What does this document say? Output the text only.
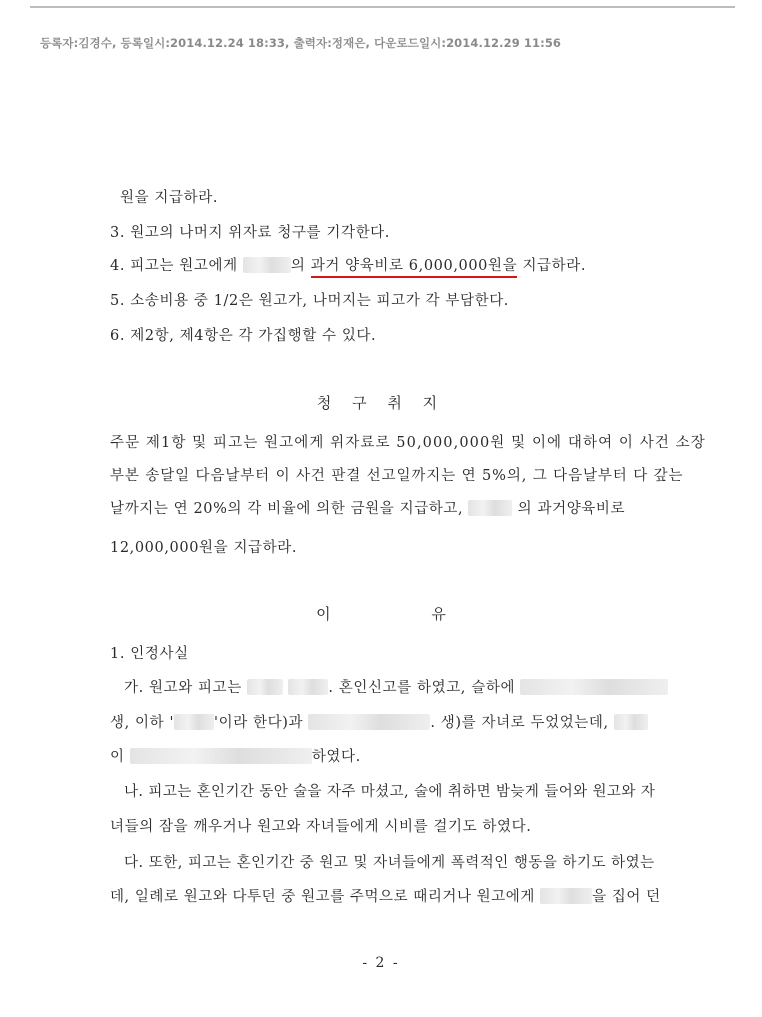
등록자:김경수, 등록일시:2014.12.24 18:33, 출력자:정재은, 다운로드일시:2014.12.29 11:56
원을 지급하라.
3. 원고의 나머지 위자료 청구를 기각한다.
4. 피고는 원고에게	의 과거 양육비로 6,000,000원을 지급하라.
5. 소송비용 중 1/2은 원고가, 나머지는 피고가 각 부담한다.
6. 제2항, 제4항은 각 가집행할 수 있다.
청 구 취 지
주문 제1항 및 피고는 원고에게 위자료로 50,000,000원 및 이에 대하여 이 사건 소장
부본 송달일 다음날부터 이 사건 판결 선고일까지는 연 5%의, 그 다음날부터 다 갚는
날까지는 연 20%의 각 비율에 의한 금원을 지급하고,	의 과거양육비로
12,000,000원을 지급하라.
이 유
1. 인정사실
가. 원고와 피고는	. 혼인신고를 하였고, 슬하에
생, 이하 '	'이라 한다)과	. 생)를 자녀로 두었었는데,
이	하였다.
나. 피고는 혼인기간 동안 술을 자주 마셨고, 술에 취하면 밤늦게 들어와 원고와 자
녀들의 잠을 깨우거나 원고와 자녀들에게 시비를 걸기도 하였다.
다. 또한, 피고는 혼인기간 중 원고 및 자녀들에게 폭력적인 행동을 하기도 하였는
데, 일례로 원고와 다투던 중 원고를 주먹으로 때리거나 원고에게	을 집어 던
- 2 -
